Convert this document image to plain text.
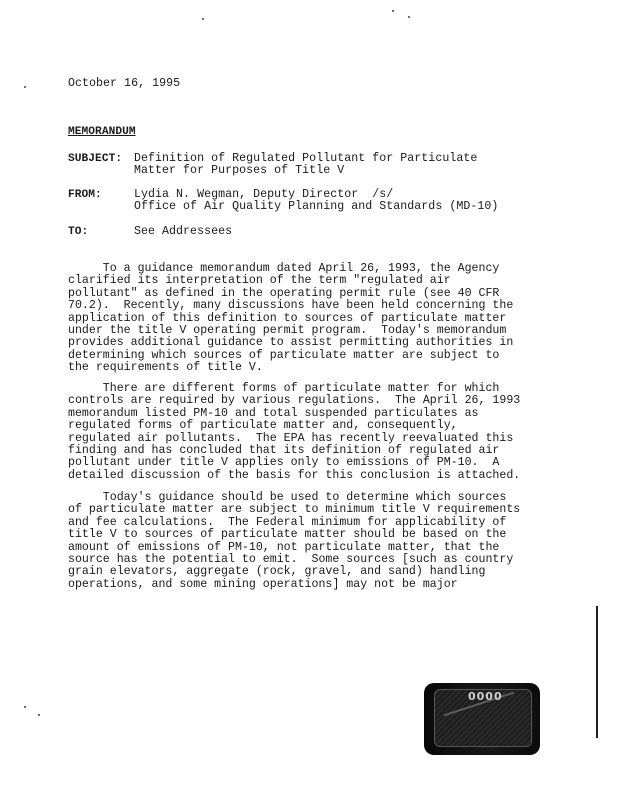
October 16, 1995
MEMORANDUM
SUBJECT: Definition of Regulated Pollutant for Particulate
Matter for Purposes of Title V
FROM:	Lydia N. Wegman, Deputy Director  /s/
Office of Air Quality Planning and Standards (MD-10)
TO:	See Addressees
To a guidance memorandum dated April 26, 1993, the Agency
clarified its interpretation of the term "regulated air
pollutant" as defined in the operating permit rule (see 40 CFR
70.2).  Recently, many discussions have been held concerning the
application of this definition to sources of particulate matter
under the title V operating permit program.  Today's memorandum
provides additional guidance to assist permitting authorities in
determining which sources of particulate matter are subject to
the requirements of title V.
There are different forms of particulate matter for which
controls are required by various regulations.  The April 26, 1993
memorandum listed PM-10 and total suspended particulates as
regulated forms of particulate matter and, consequently,
regulated air pollutants.  The EPA has recently reevaluated this
finding and has concluded that its definition of regulated air
pollutant under title V applies only to emissions of PM-10.  A
detailed discussion of the basis for this conclusion is attached.
Today's guidance should be used to determine which sources
of particulate matter are subject to minimum title V requirements
and fee calculations.  The Federal minimum for applicability of
title V to sources of particulate matter should be based on the
amount of emissions of PM-10, not particulate matter, that the
source has the potential to emit.  Some sources [such as country
grain elevators, aggregate (rock, gravel, and sand) handling
operations, and some mining operations] may not be major
0000
